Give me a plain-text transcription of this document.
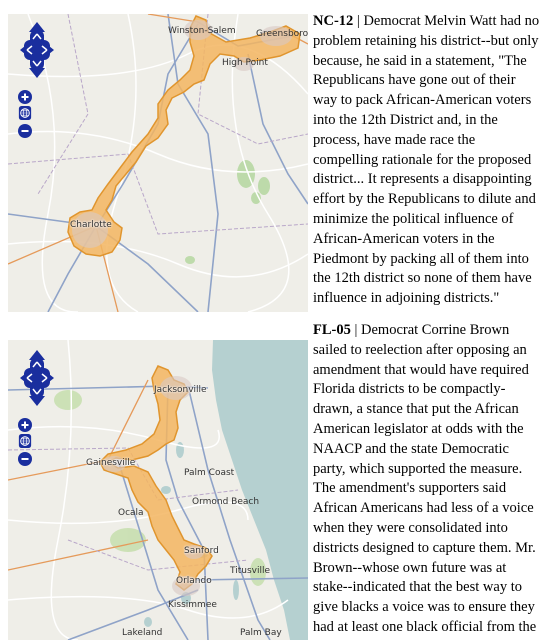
Winston-Salem Greensboro
High Point
Charlotte
NC-12 | Democrat Melvin Watt had no problem retaining his district--but only because, he said in a statement, "The Republicans have gone out of their way to pack African-American voters into the 12th District and, in the process, have made race the compelling rationale for the proposed district... It represents a disappointing effort by the Republicans to dilute and minimize the political influence of African-American voters in the Piedmont by packing all of them into the 12th district so none of them have influence in adjoining districts."
Jacksonville
Gainesville
Palm Coast
Ormond Beach
Ocala
Sanford
Titusville
Orlando
Kissimmee
Lakeland	Palm Bay
FL-05 | Democrat Corrine Brown sailed to reelection after opposing an amendment that would have required Florida districts to be compactly-drawn, a stance that put the African American legislator at odds with the NAACP and the state Democratic party, which supported the measure. The amendment's supporters said African Americans had less of a voice when they were consolidated into districts designed to capture them. Mr. Brown--whose own future was at stake--indicated that the best way to give blacks a voice was to ensure they had at least one black official from the
